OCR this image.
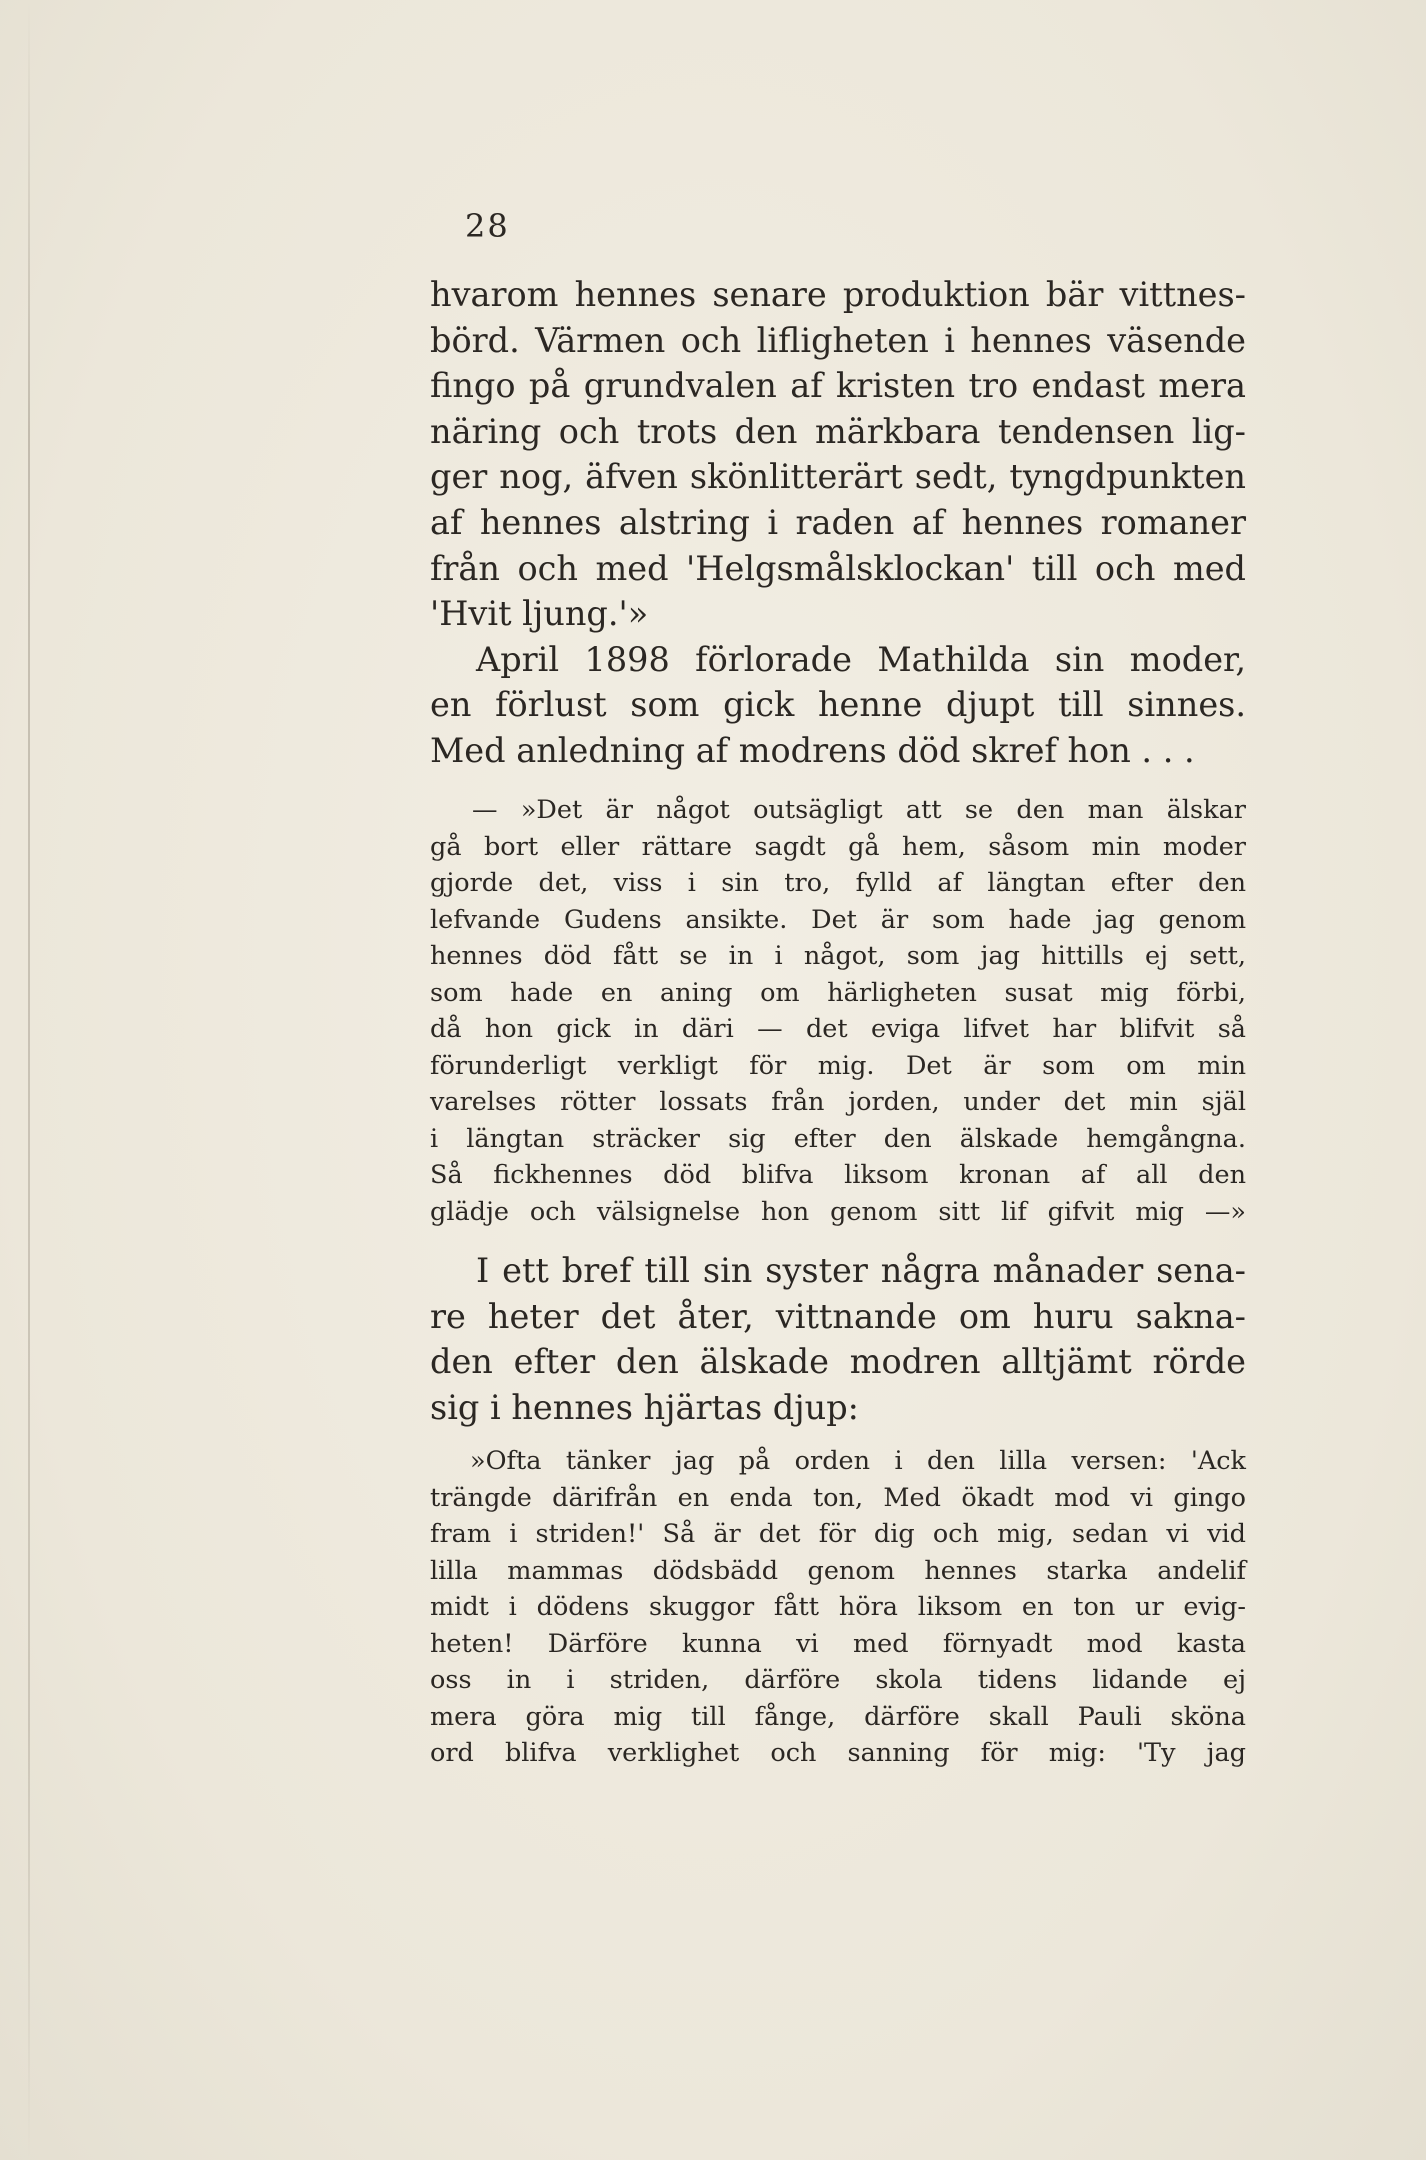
28
hvarom hennes senare produktion bär vittnes-
börd. Värmen och lifligheten i hennes väsende
fingo på grundvalen af kristen tro endast mera
näring och trots den märkbara tendensen lig-
ger nog, äfven skönlitterärt sedt, tyngdpunkten
af hennes alstring i raden af hennes romaner
från och med 'Helgsmålsklockan' till och med
'Hvit ljung.'»
April 1898 förlorade Mathilda sin moder,
en förlust som gick henne djupt till sinnes.
Med anledning af modrens död skref hon . . .
— »Det är något outsägligt att se den man älskar
gå bort eller rättare sagdt gå hem, såsom min moder
gjorde det, viss i sin tro, fylld af längtan efter den
lefvande Gudens ansikte. Det är som hade jag genom
hennes död fått se in i något, som jag hittills ej sett,
som hade en aning om härligheten susat mig förbi,
då hon gick in däri — det eviga lifvet har blifvit så
förunderligt verkligt för mig. Det är som om min
varelses rötter lossats från jorden, under det min själ
i längtan sträcker sig efter den älskade hemgångna.
Så fickhennes död blifva liksom kronan af all den
glädje och välsignelse hon genom sitt lif gifvit mig —»
I ett bref till sin syster några månader sena-
re heter det åter, vittnande om huru sakna-
den efter den älskade modren alltjämt rörde
sig i hennes hjärtas djup:
»Ofta tänker jag på orden i den lilla versen: 'Ack
trängde därifrån en enda ton, Med ökadt mod vi gingo
fram i striden!' Så är det för dig och mig, sedan vi vid
lilla mammas dödsbädd genom hennes starka andelif
midt i dödens skuggor fått höra liksom en ton ur evig-
heten! Därföre kunna vi med förnyadt mod kasta
oss in i striden, därföre skola tidens lidande ej
mera göra mig till fånge, därföre skall Pauli sköna
ord blifva verklighet och sanning för mig: 'Ty jag
